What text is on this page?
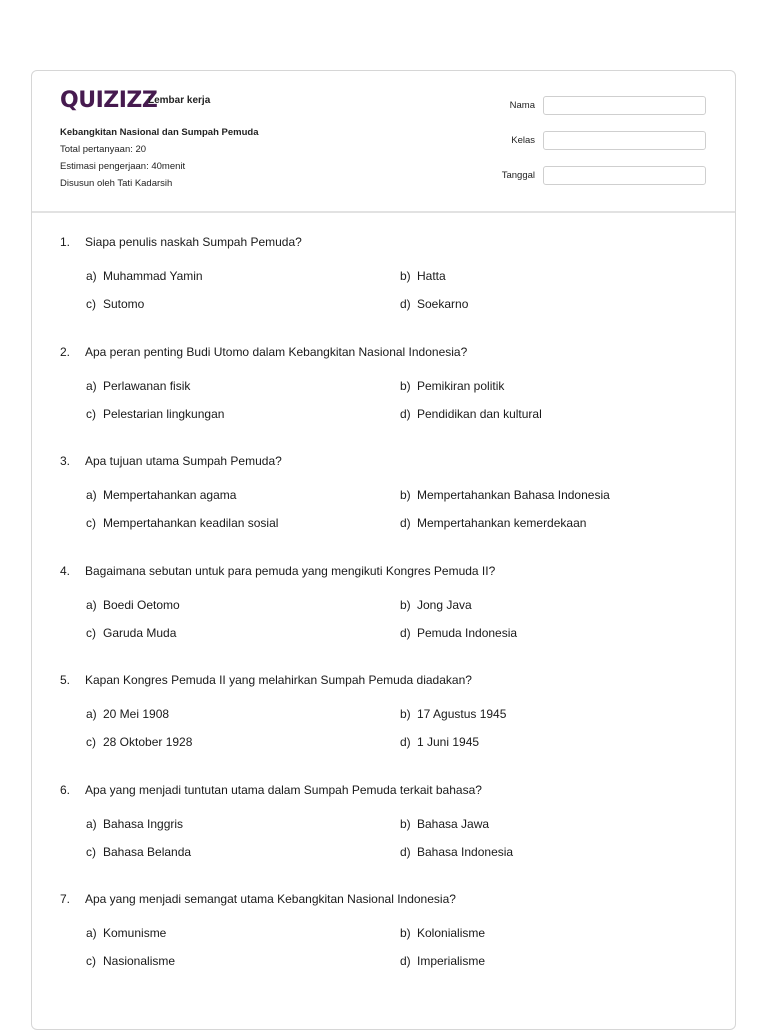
QUIZIZZ
Lembar kerja
Kebangkitan Nasional dan Sumpah Pemuda
Total pertanyaan: 20
Estimasi pengerjaan: 40menit
Disusun oleh Tati Kadarsih
Nama
Kelas
Tanggal
1. Siapa penulis naskah Sumpah Pemuda?
a) Muhammad Yamin	b) Hatta
c) Sutomo	d) Soekarno
2. Apa peran penting Budi Utomo dalam Kebangkitan Nasional Indonesia?
a) Perlawanan fisik	b) Pemikiran politik
c) Pelestarian lingkungan	d) Pendidikan dan kultural
3. Apa tujuan utama Sumpah Pemuda?
a) Mempertahankan agama	b) Mempertahankan Bahasa Indonesia
c) Mempertahankan keadilan sosial	d) Mempertahankan kemerdekaan
4. Bagaimana sebutan untuk para pemuda yang mengikuti Kongres Pemuda II?
a) Boedi Oetomo	b) Jong Java
c) Garuda Muda	d) Pemuda Indonesia
5. Kapan Kongres Pemuda II yang melahirkan Sumpah Pemuda diadakan?
a) 20 Mei 1908	b) 17 Agustus 1945
c) 28 Oktober 1928	d) 1 Juni 1945
6. Apa yang menjadi tuntutan utama dalam Sumpah Pemuda terkait bahasa?
a) Bahasa Inggris	b) Bahasa Jawa
c) Bahasa Belanda	d) Bahasa Indonesia
7. Apa yang menjadi semangat utama Kebangkitan Nasional Indonesia?
a) Komunisme	b) Kolonialisme
c) Nasionalisme	d) Imperialisme
